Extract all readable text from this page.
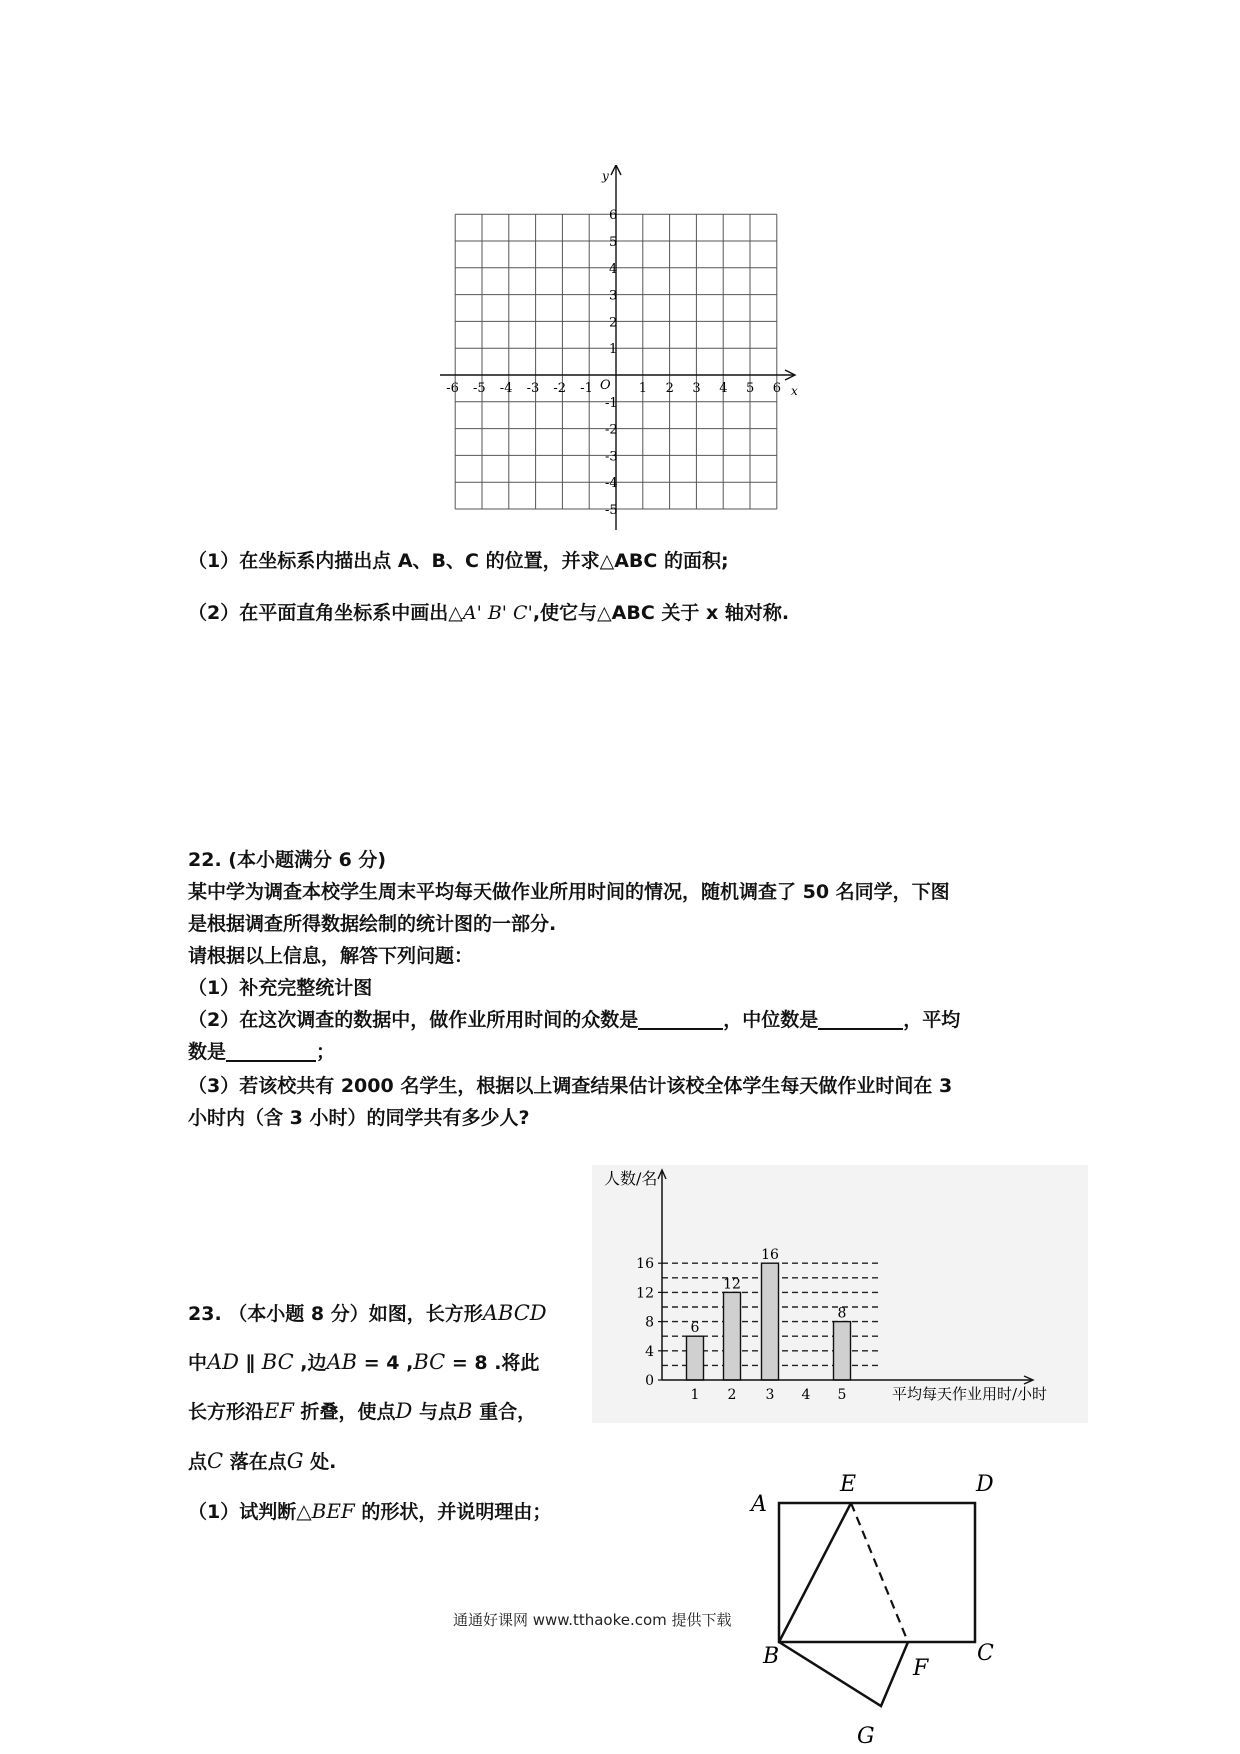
x
y
O
-6 -5 -4 -3 -2 -1	1 2 3 4 5 6
6
5
4
3
2
1
-1
-2
-3
-4
-5
（1）在坐标系内描出点 A、B、C 的位置，并求△ABC 的面积;
（2）在平面直角坐标系中画出△A' B' C',使它与△ABC 关于 x 轴对称.
22. (本小题满分 6 分)
某中学为调查本校学生周末平均每天做作业所用时间的情况，随机调查了 50 名同学，下图
是根据调查所得数据绘制的统计图的一部分.
请根据以上信息，解答下列问题：
（1）补充完整统计图
（2）在这次调查的数据中，做作业所用时间的众数是	，中位数是	，平均
数是	；
（3）若该校共有 2000 名学生，根据以上调查结果估计该校全体学生每天做作业时间在 3
小时内（含 3 小时）的同学共有多少人?
人数/名
平均每天作业用时/小时
6
12
16
8
0
4
8
12
16
1 2 3 4 5
23. （本小题 8 分）如图，长方形ABCD
中AD ∥ BC ,边AB = 4 ,BC = 8 .将此
长方形沿EF 折叠，使点D 与点B 重合，
点C 落在点G 处.
（1）试判断△BEF 的形状，并说明理由；	A
E	D
B	C
F
G
通通好课网 www.tthaoke.com 提供下载
